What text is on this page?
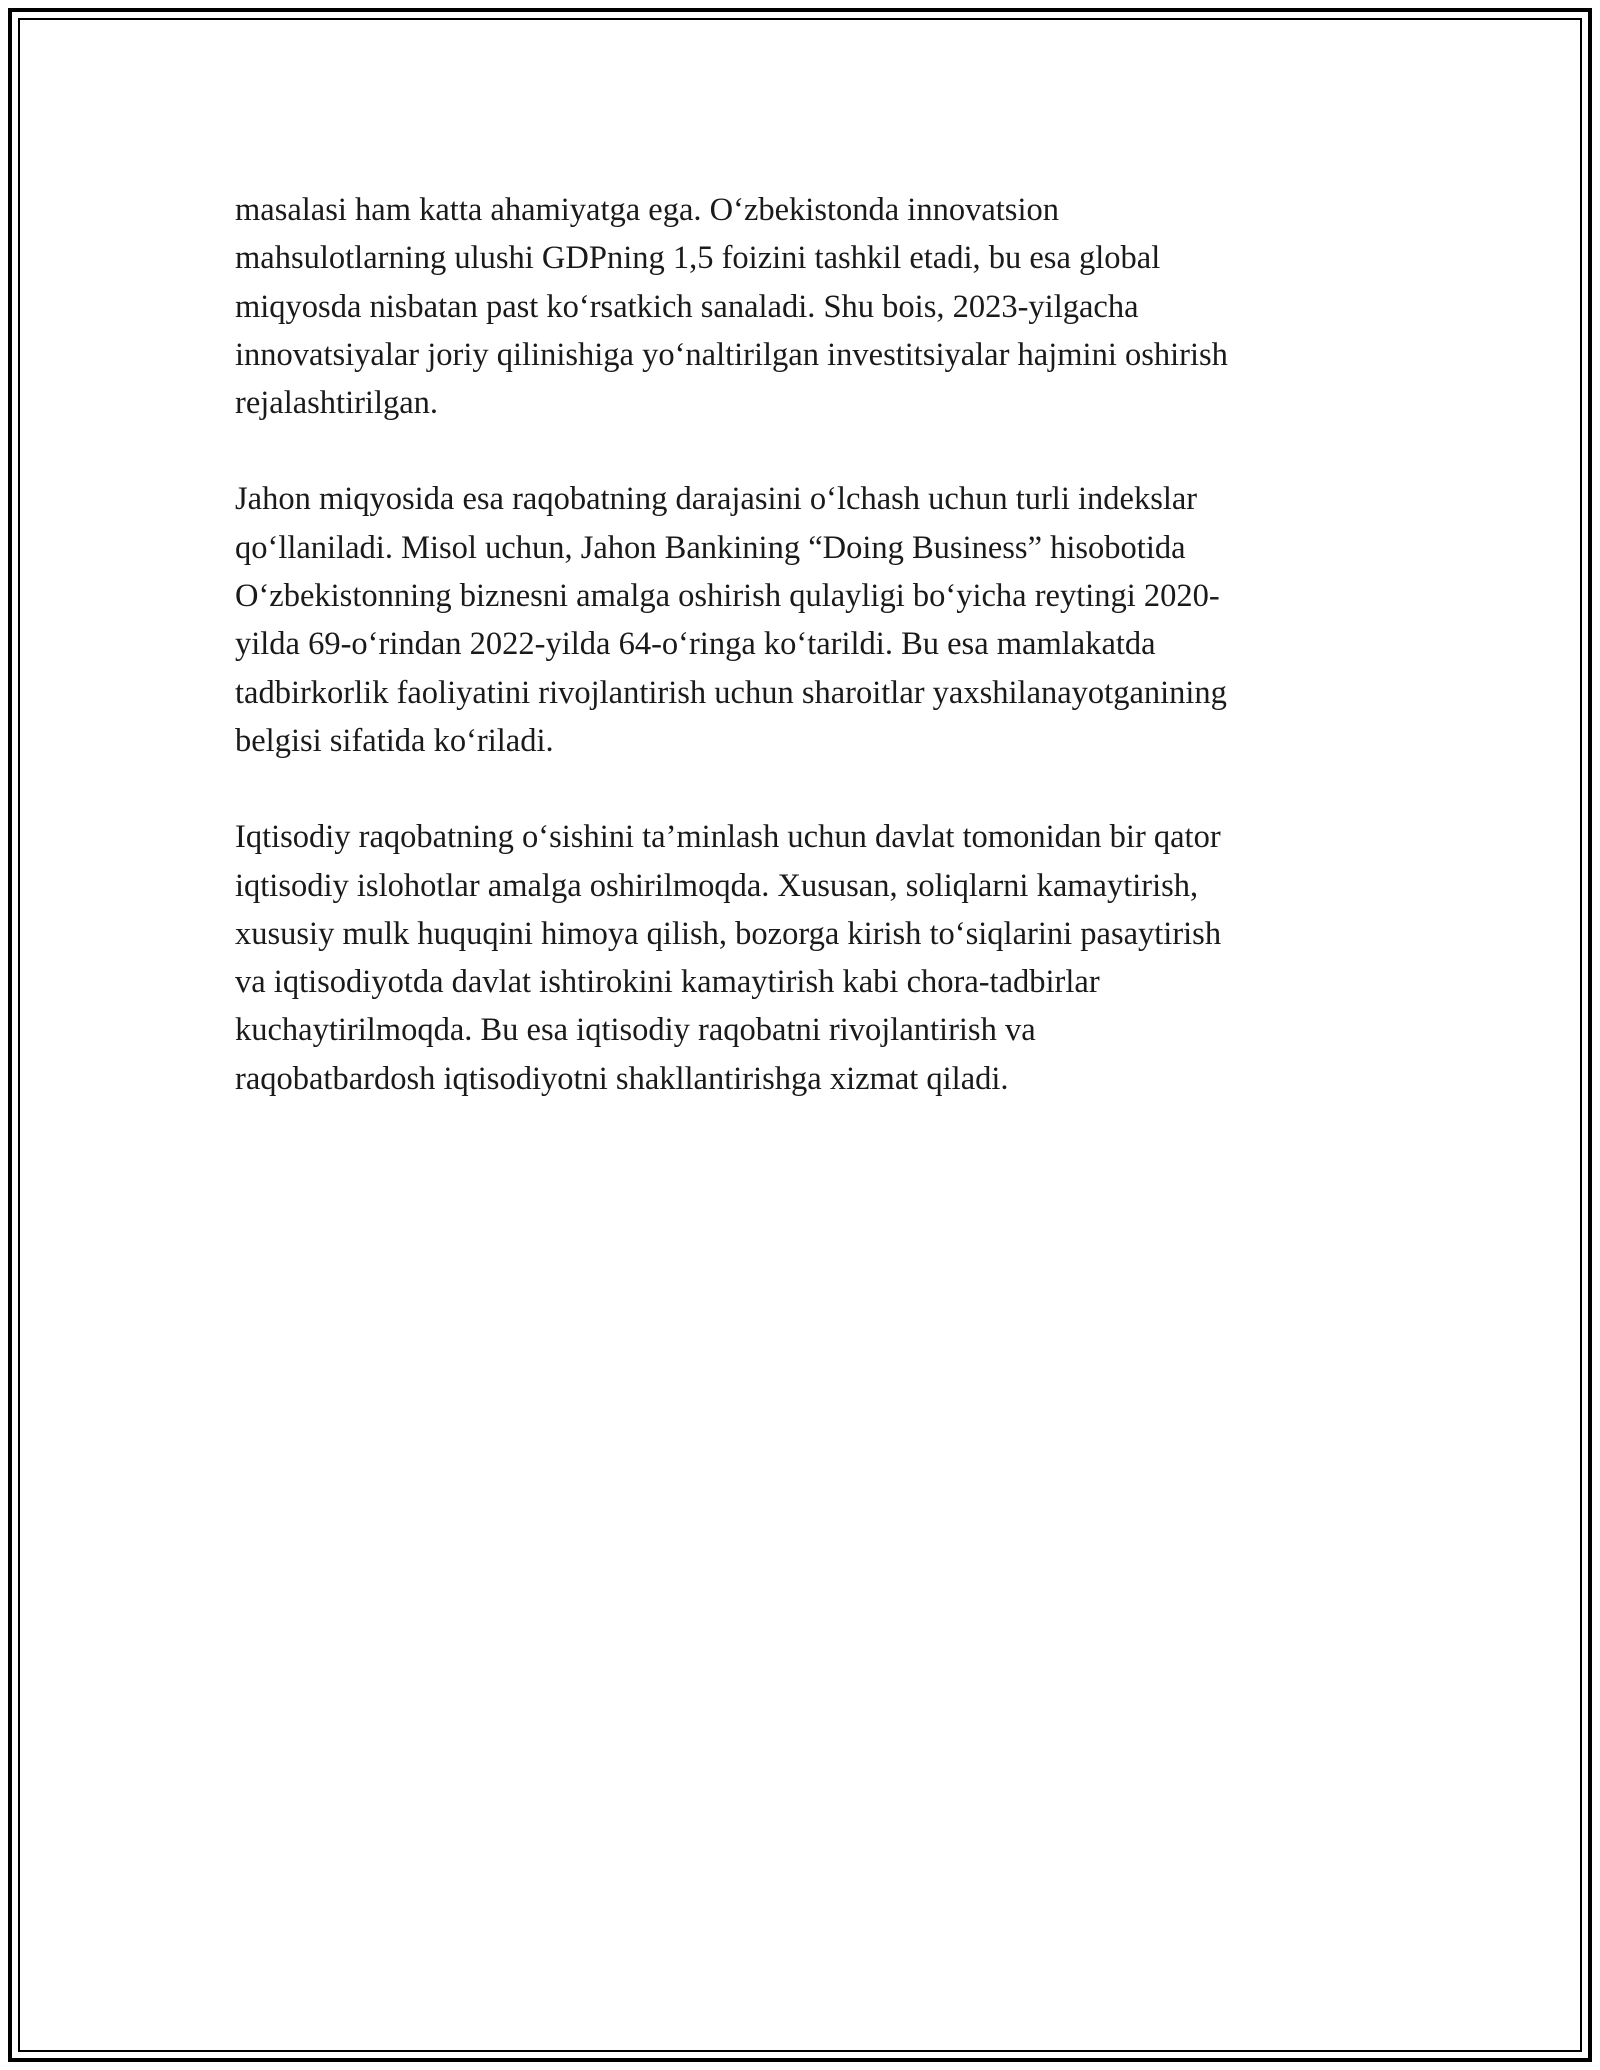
masalasi ham katta ahamiyatga ega. O‘zbekistonda innovatsion
mahsulotlarning ulushi GDPning 1,5 foizini tashkil etadi, bu esa global
miqyosda nisbatan past ko‘rsatkich sanaladi. Shu bois, 2023-yilgacha
innovatsiyalar joriy qilinishiga yo‘naltirilgan investitsiyalar hajmini oshirish
rejalashtirilgan.

Jahon miqyosida esa raqobatning darajasini o‘lchash uchun turli indekslar
qo‘llaniladi. Misol uchun, Jahon Bankining “Doing Business” hisobotida
O‘zbekistonning biznesni amalga oshirish qulayligi bo‘yicha reytingi 2020-
yilda 69-o‘rindan 2022-yilda 64-o‘ringa ko‘tarildi. Bu esa mamlakatda
tadbirkorlik faoliyatini rivojlantirish uchun sharoitlar yaxshilanayotganining
belgisi sifatida ko‘riladi.

Iqtisodiy raqobatning o‘sishini ta’minlash uchun davlat tomonidan bir qator
iqtisodiy islohotlar amalga oshirilmoqda. Xususan, soliqlarni kamaytirish,
xususiy mulk huquqini himoya qilish, bozorga kirish to‘siqlarini pasaytirish
va iqtisodiyotda davlat ishtirokini kamaytirish kabi chora-tadbirlar
kuchaytirilmoqda. Bu esa iqtisodiy raqobatni rivojlantirish va
raqobatbardosh iqtisodiyotni shakllantirishga xizmat qiladi.
